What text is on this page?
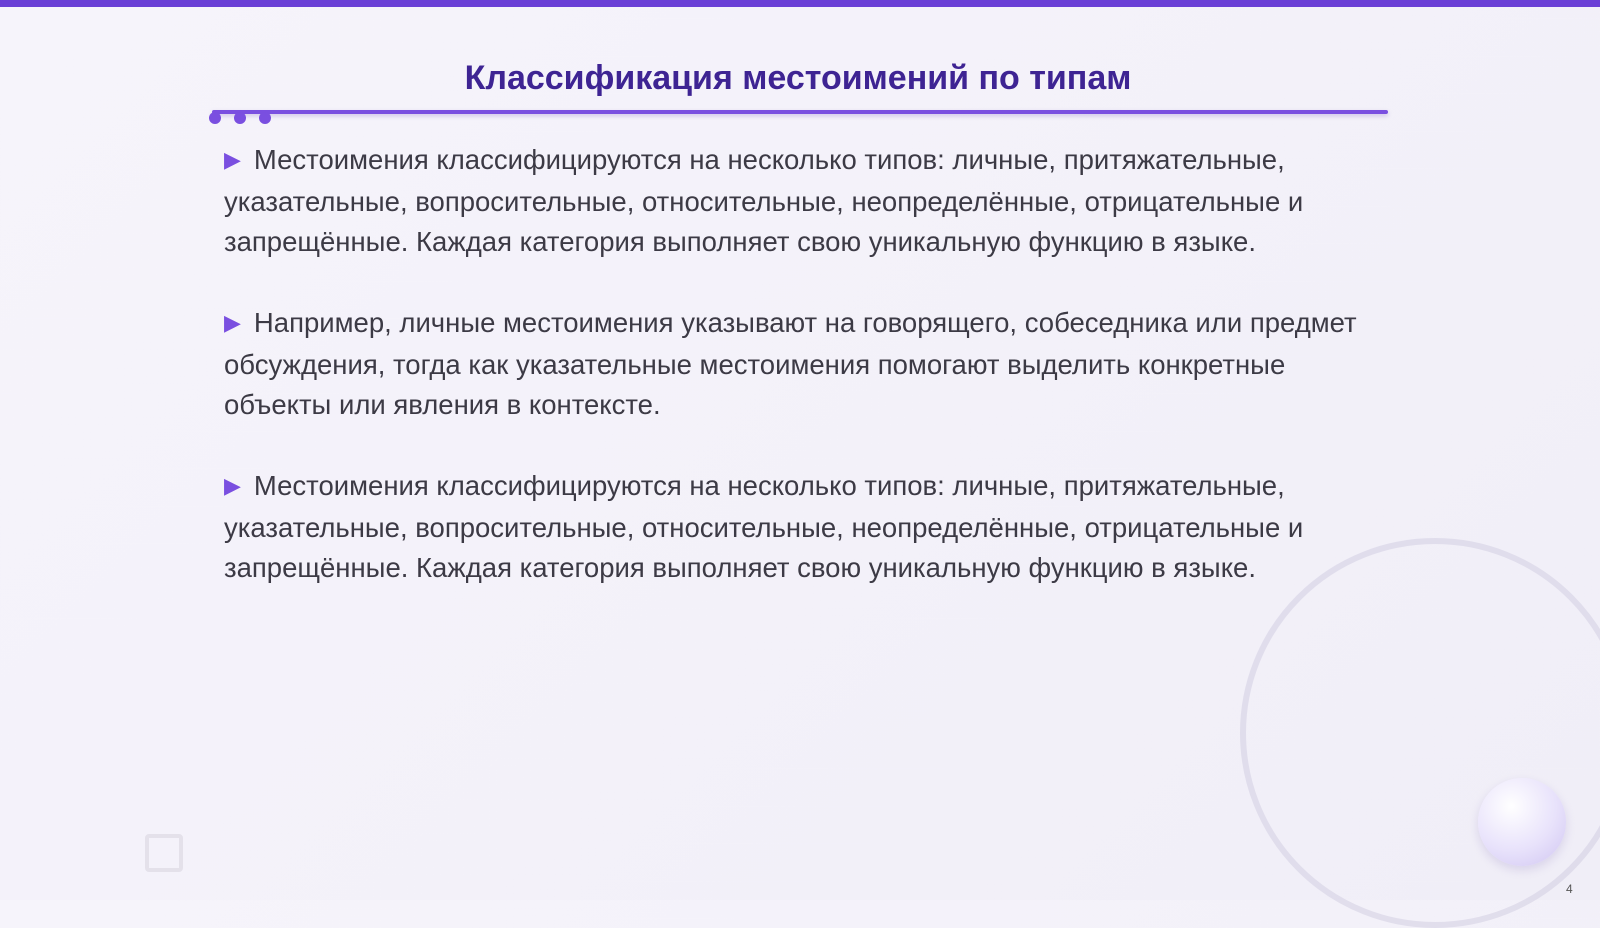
Классификация местоимений по типам

▶ Местоимения классифицируются на несколько типов: личные, притяжательные, указательные, вопросительные, относительные, неопределённые, отрицательные и запрещённые. Каждая категория выполняет свою уникальную функцию в языке.

▶ Например, личные местоимения указывают на говорящего, собеседника или предмет обсуждения, тогда как указательные местоимения помогают выделить конкретные объекты или явления в контексте.

▶ Местоимения классифицируются на несколько типов: личные, притяжательные, указательные, вопросительные, относительные, неопределённые, отрицательные и запрещённые. Каждая категория выполняет свою уникальную функцию в языке.

4
